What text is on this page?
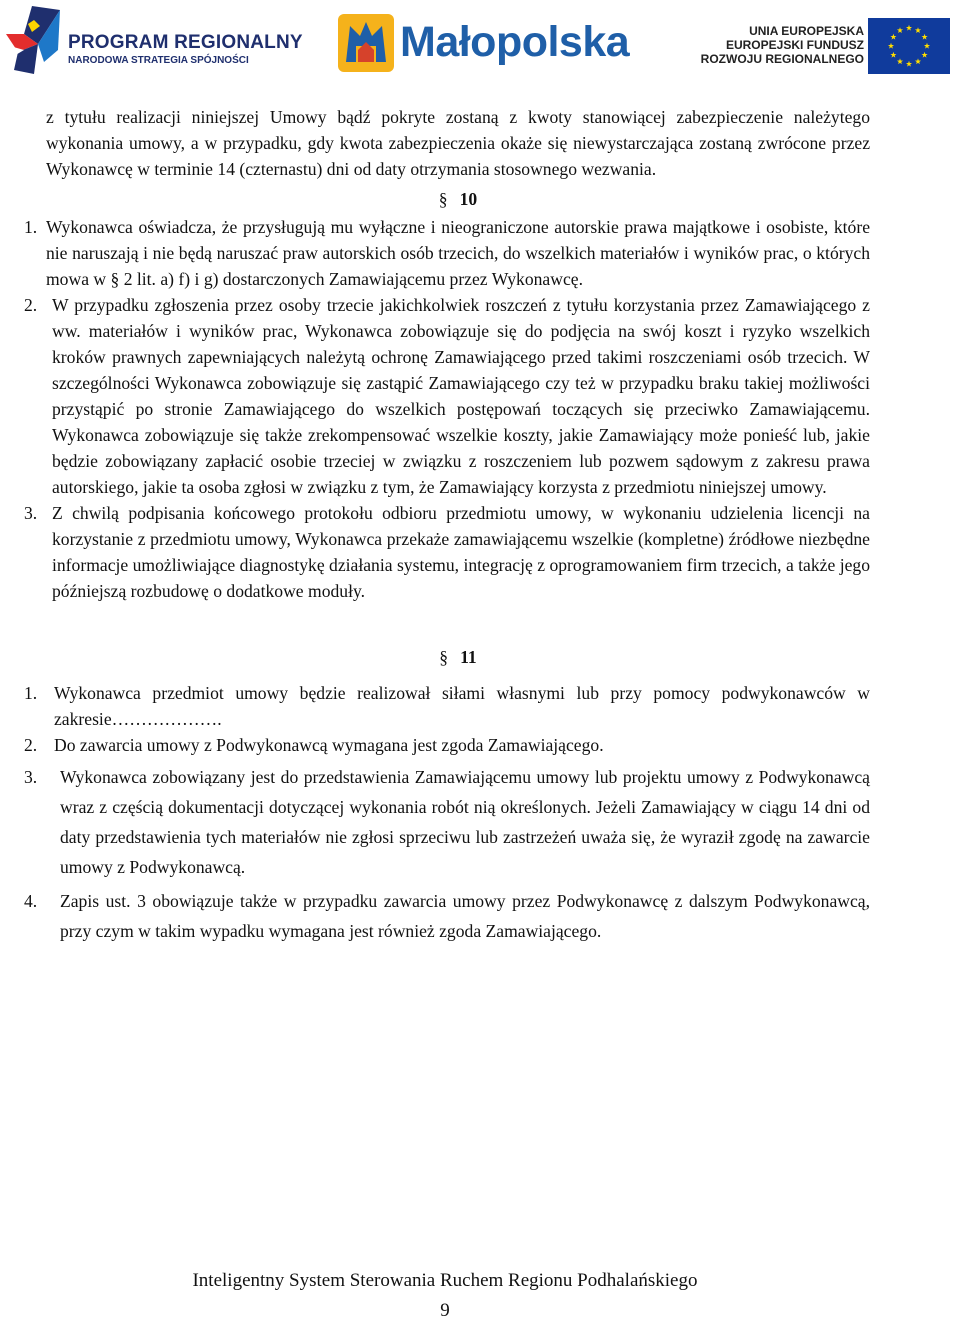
PROGRAM REGIONALNY
NARODOWA STRATEGIA SPÓJNOŚCI	Małopolska	UNIA EUROPEJSKA
EUROPEJSKI FUNDUSZ
ROZWOJU REGIONALNEGO

z tytułu realizacji niniejszej Umowy bądź pokryte zostaną z kwoty stanowiącej zabezpieczenie należytego wykonania umowy, a w przypadku, gdy kwota zabezpieczenia okaże się niewystarczająca zostaną zwrócone przez Wykonawcę w terminie 14 (czternastu) dni od daty otrzymania stosownego wezwania.

§ 10
1. Wykonawca oświadcza, że przysługują mu wyłączne i nieograniczone autorskie prawa majątkowe i osobiste, które nie naruszają i nie będą naruszać praw autorskich osób trzecich, do wszelkich materiałów i wyników prac, o których mowa w § 2 lit. a) f) i g) dostarczonych Zamawiającemu przez Wykonawcę.
2. W przypadku zgłoszenia przez osoby trzecie jakichkolwiek roszczeń z tytułu korzystania przez Zamawiającego z ww. materiałów i wyników prac, Wykonawca zobowiązuje się do podjęcia na swój koszt i ryzyko wszelkich kroków prawnych zapewniających należytą ochronę Zamawiającego przed takimi roszczeniami osób trzecich. W szczególności Wykonawca zobowiązuje się zastąpić Zamawiającego czy też w przypadku braku takiej możliwości przystąpić po stronie Zamawiającego do wszelkich postępowań toczących się przeciwko Zamawiającemu. Wykonawca zobowiązuje się także zrekompensować wszelkie koszty, jakie Zamawiający może ponieść lub, jakie będzie zobowiązany zapłacić osobie trzeciej w związku z roszczeniem lub pozwem sądowym z zakresu prawa autorskiego, jakie ta osoba zgłosi w związku z tym, że Zamawiający korzysta z przedmiotu niniejszej umowy.
3. Z chwilą podpisania końcowego protokołu odbioru przedmiotu umowy, w wykonaniu udzielenia licencji na korzystanie z przedmiotu umowy, Wykonawca przekaże zamawiającemu wszelkie (kompletne) źródłowe niezbędne informacje umożliwiające diagnostykę działania systemu, integrację z oprogramowaniem firm trzecich, a także jego późniejszą rozbudowę o dodatkowe moduły.
§ 11
1. Wykonawca przedmiot umowy będzie realizował siłami własnymi lub przy pomocy podwykonawców w zakresie……………….
2. Do zawarcia umowy z Podwykonawcą wymagana jest zgoda Zamawiającego.
3.	Wykonawca zobowiązany jest do przedstawienia Zamawiającemu umowy lub projektu umowy z Podwykonawcą wraz z częścią dokumentacji dotyczącej wykonania robót nią określonych. Jeżeli Zamawiający w ciągu 14 dni od daty przedstawienia tych materiałów nie zgłosi sprzeciwu lub zastrzeżeń uważa się, że wyraził zgodę na zawarcie umowy z Podwykonawcą.
4.	Zapis ust. 3 obowiązuje także w przypadku zawarcia umowy przez Podwykonawcę z dalszym Podwykonawcą, przy czym w takim wypadku wymagana jest również zgoda Zamawiającego.
Inteligentny System Sterowania Ruchem Regionu Podhalańskiego
9
